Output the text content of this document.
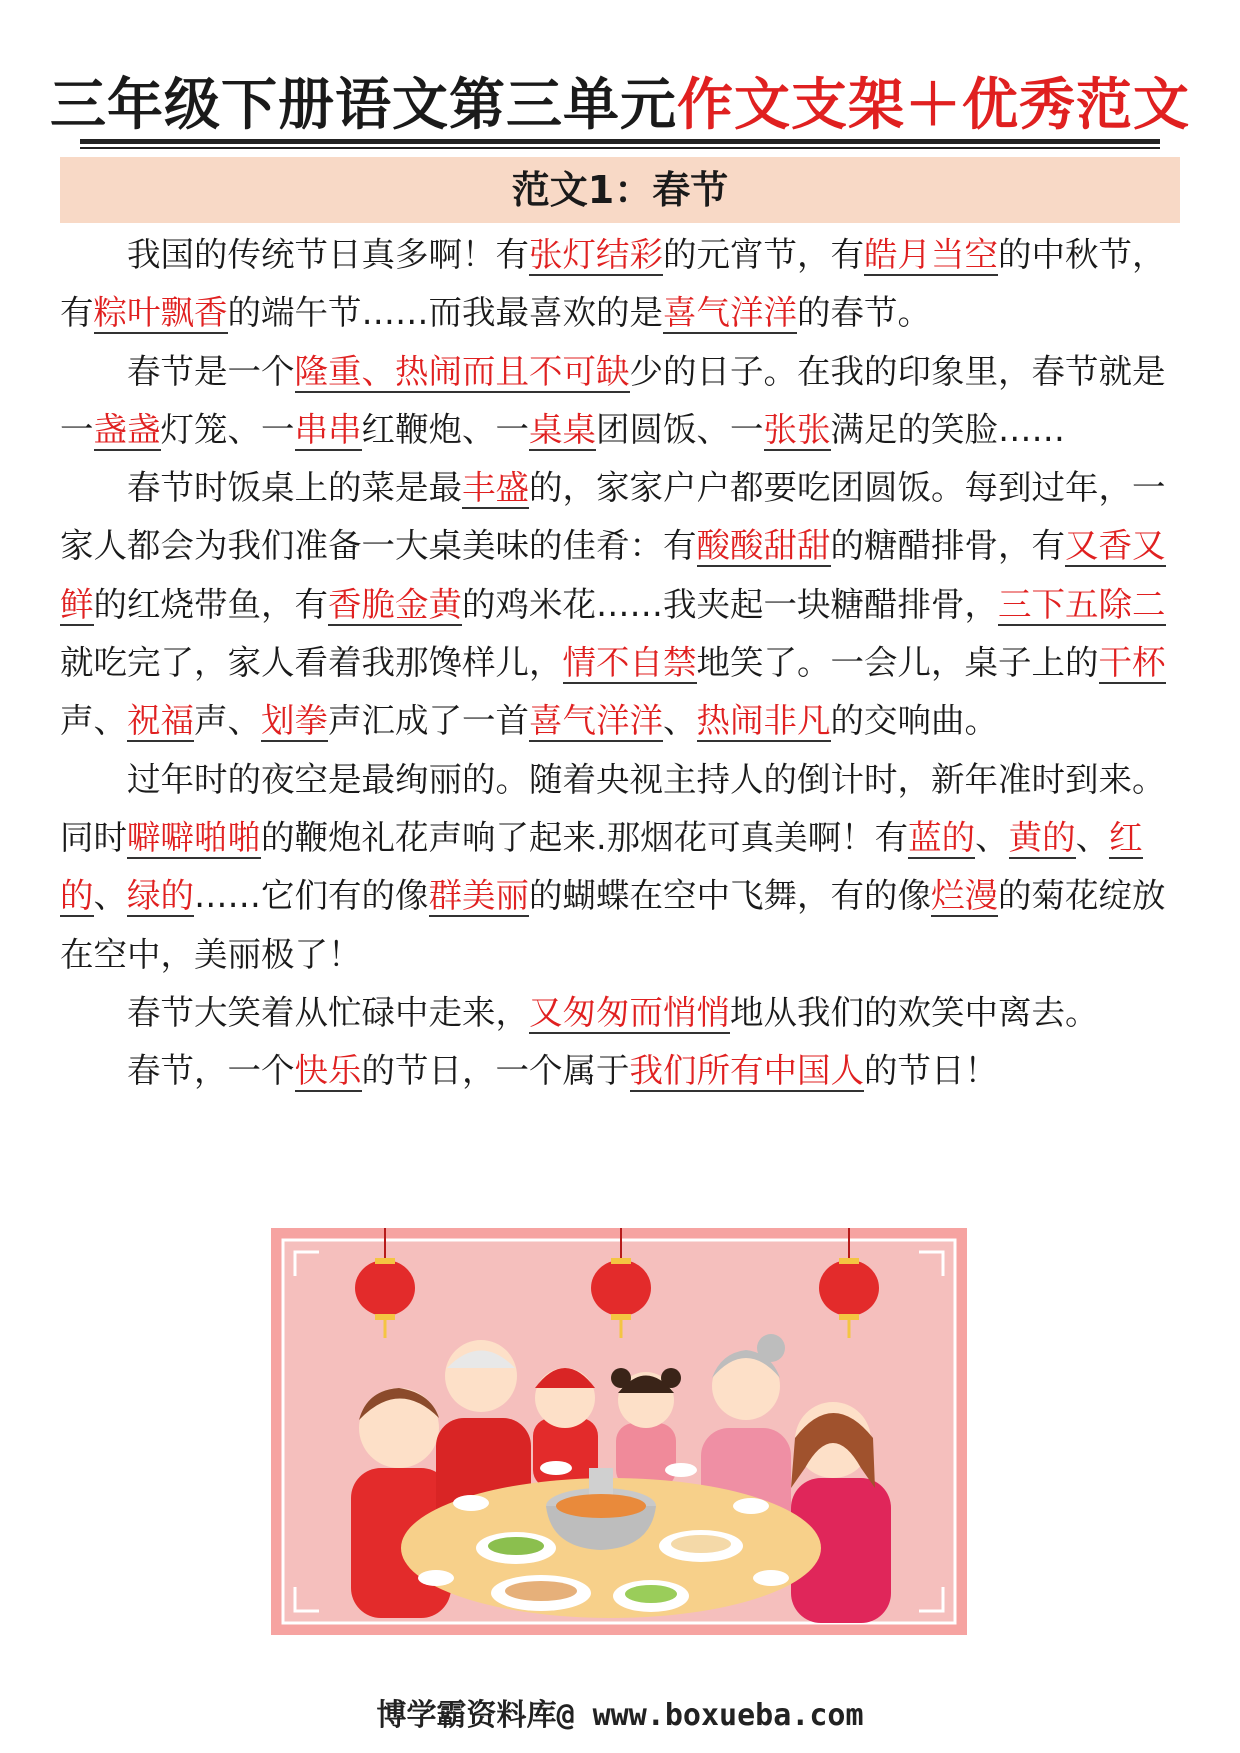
三年级下册语文第三单元作文支架＋优秀范文
范文1：春节

我国的传统节日真多啊！有张灯结彩的元宵节，有皓月当空的中秋节，有粽叶飘香的端午节……而我最喜欢的是喜气洋洋的春节。

春节是一个隆重、热闹而且不可缺少的日子。在我的印象里，春节就是一盏盏灯笼、一串串红鞭炮、一桌桌团圆饭、一张张满足的笑脸……

春节时饭桌上的菜是最丰盛的，家家户户都要吃团圆饭。每到过年，一家人都会为我们准备一大桌美味的佳肴：有酸酸甜甜的糖醋排骨，有又香又鲜的红烧带鱼，有香脆金黄的鸡米花……我夹起一块糖醋排骨，三下五除二就吃完了，家人看着我那馋样儿，情不自禁地笑了。一会儿，桌子上的干杯声、祝福声、划拳声汇成了一首喜气洋洋、热闹非凡的交响曲。

过年时的夜空是最绚丽的。随着央视主持人的倒计时，新年准时到来。同时噼噼啪啪的鞭炮礼花声响了起来.那烟花可真美啊！有蓝的、黄的、红的、绿的……它们有的像群美丽的蝴蝶在空中飞舞，有的像烂漫的菊花绽放在空中，美丽极了！

春节大笑着从忙碌中走来，又匆匆而悄悄地从我们的欢笑中离去。

春节，一个快乐的节日，一个属于我们所有中国人的节日！

博学霸资料库@ www.boxueba.com
